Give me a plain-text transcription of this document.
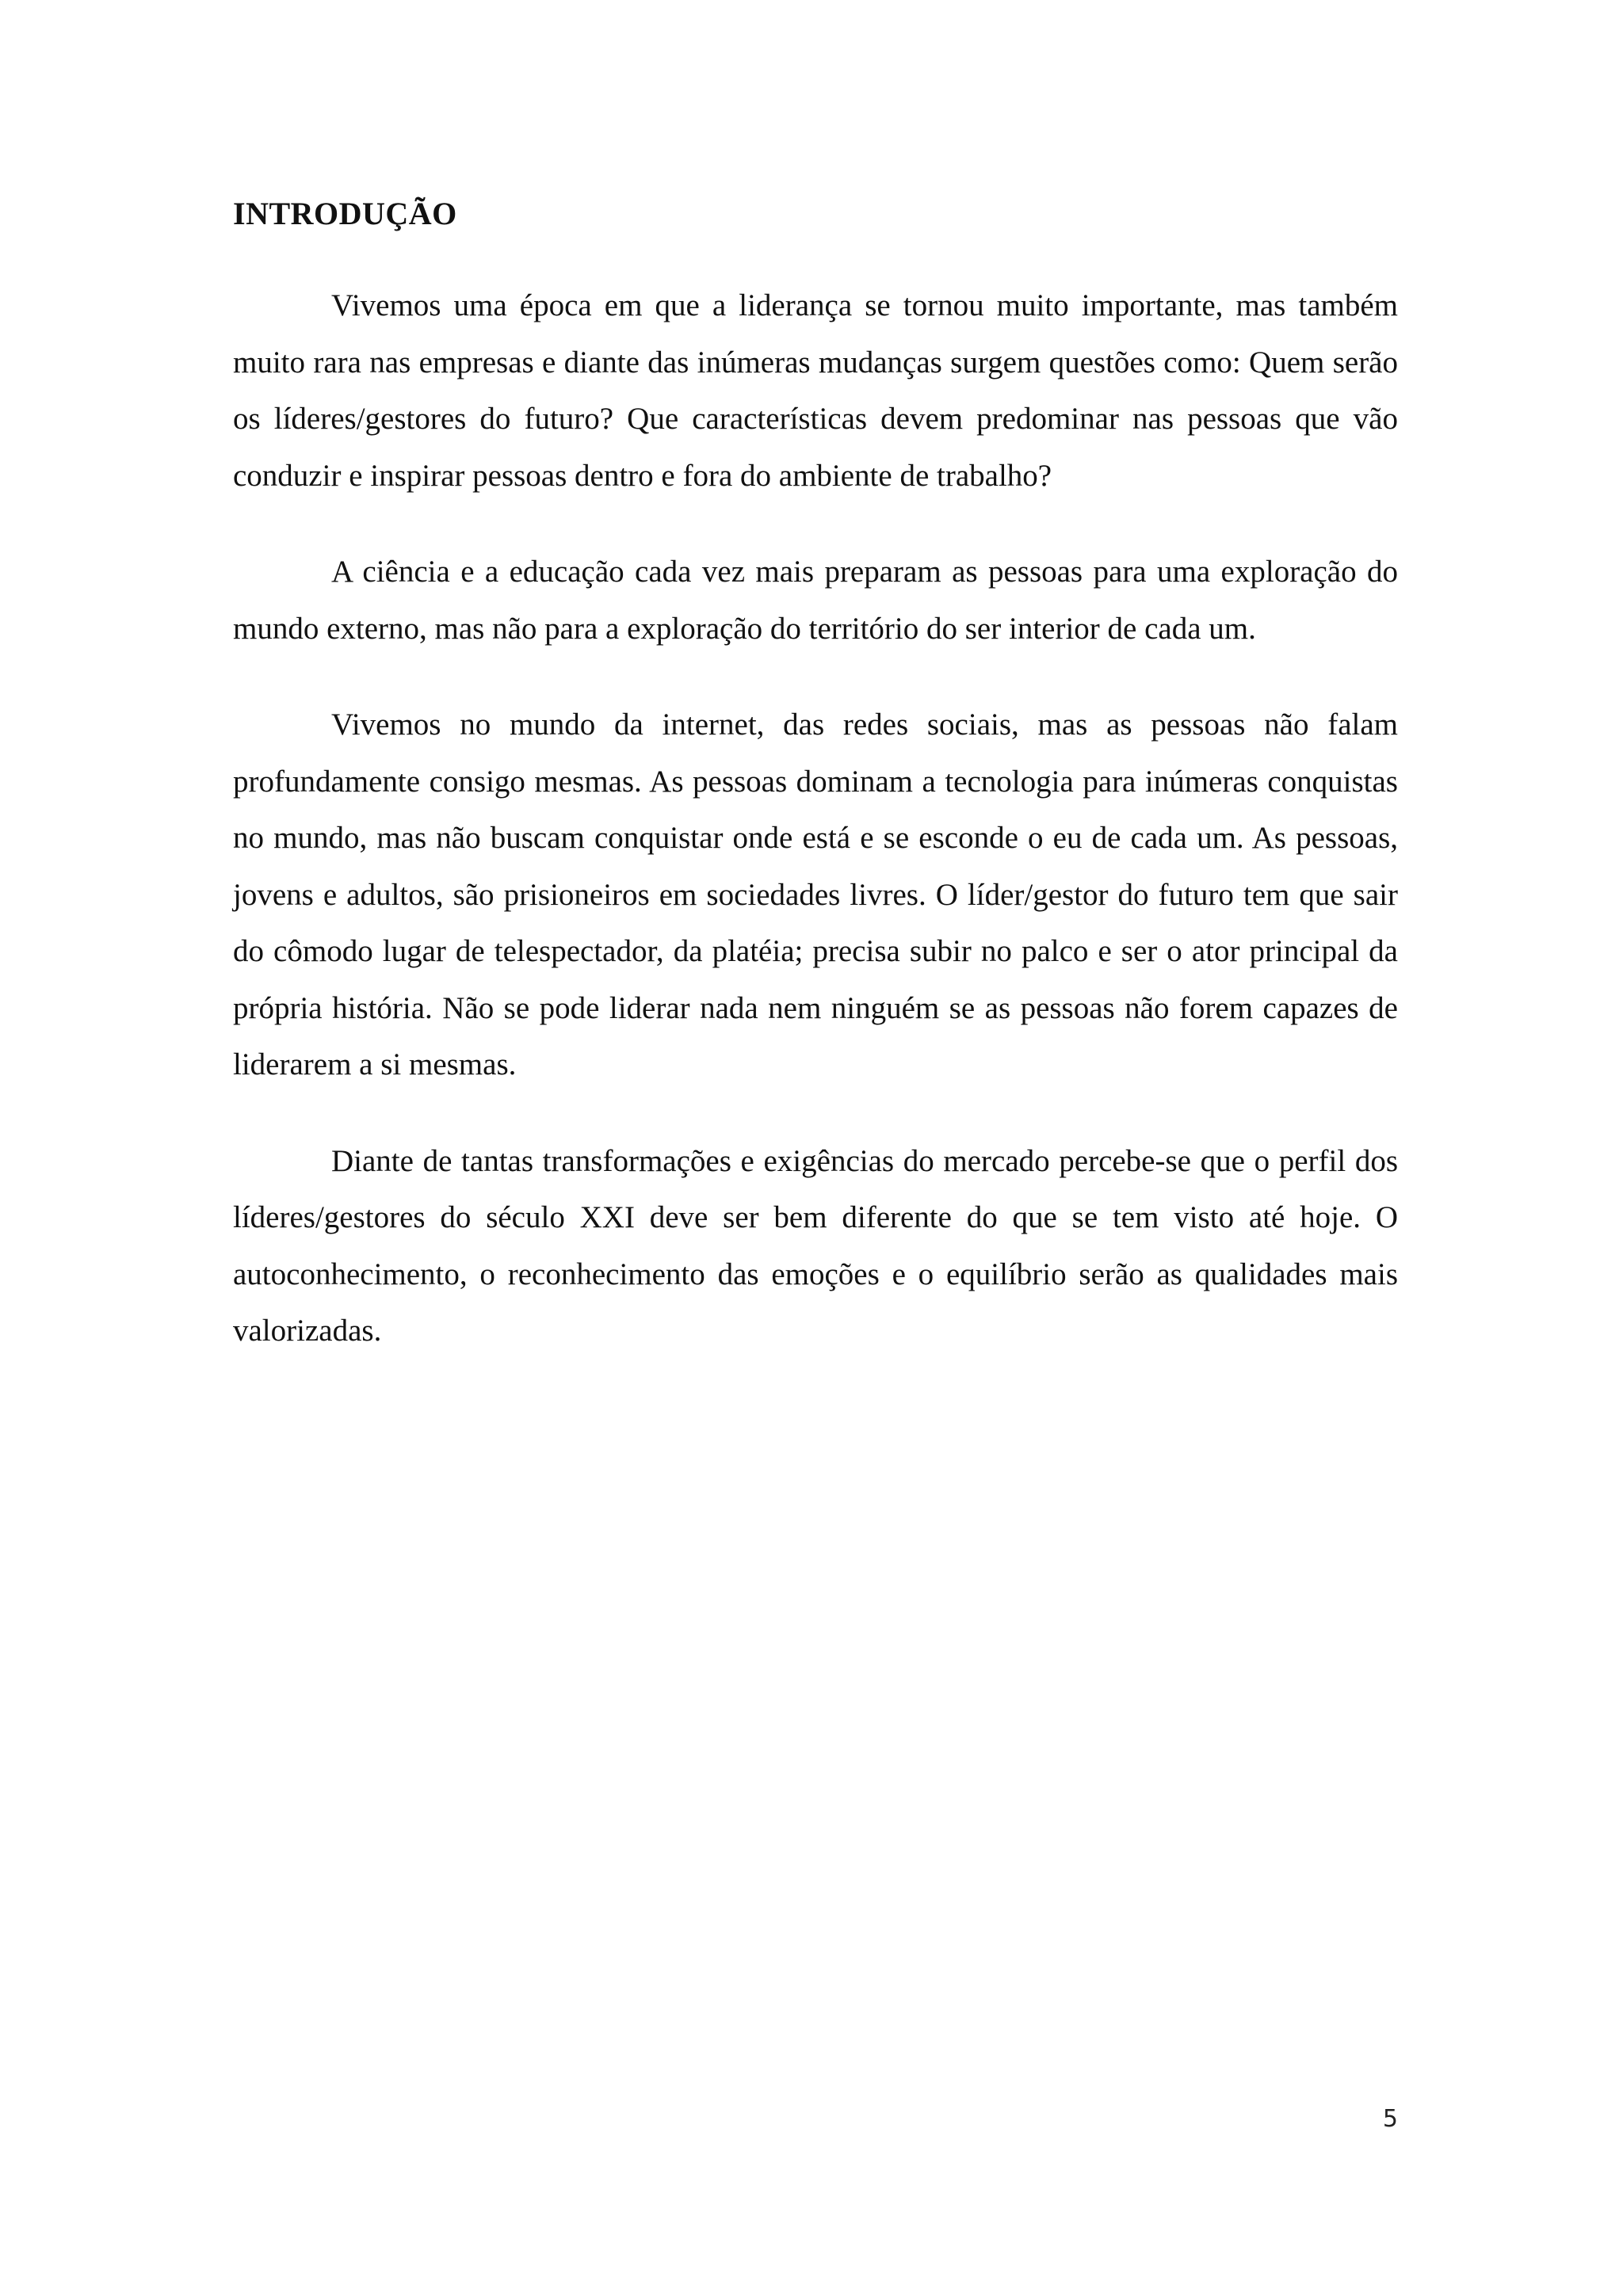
INTRODUÇÃO

Vivemos uma época em que a liderança se tornou muito importante, mas também muito rara nas empresas e diante das inúmeras mudanças surgem questões como: Quem serão os líderes/gestores do futuro? Que características devem predominar nas pessoas que vão conduzir e inspirar pessoas dentro e fora do ambiente de trabalho?

A ciência e a educação cada vez mais preparam as pessoas para uma exploração do mundo externo, mas não para a exploração do território do ser interior de cada um.

Vivemos no mundo da internet, das redes sociais, mas as pessoas não falam profundamente consigo mesmas. As pessoas dominam a tecnologia para inúmeras conquistas no mundo, mas não buscam conquistar onde está e se esconde o eu de cada um. As pessoas, jovens e adultos, são prisioneiros em sociedades livres. O líder/gestor do futuro tem que sair do cômodo lugar de telespectador, da platéia; precisa subir no palco e ser o ator principal da própria história. Não se pode liderar nada nem ninguém se as pessoas não forem capazes de liderarem a si mesmas.

Diante de tantas transformações e exigências do mercado percebe-se que o perfil dos líderes/gestores do século XXI deve ser bem diferente do que se tem visto até hoje. O autoconhecimento, o reconhecimento das emoções e o equilíbrio serão as qualidades mais valorizadas.

5
